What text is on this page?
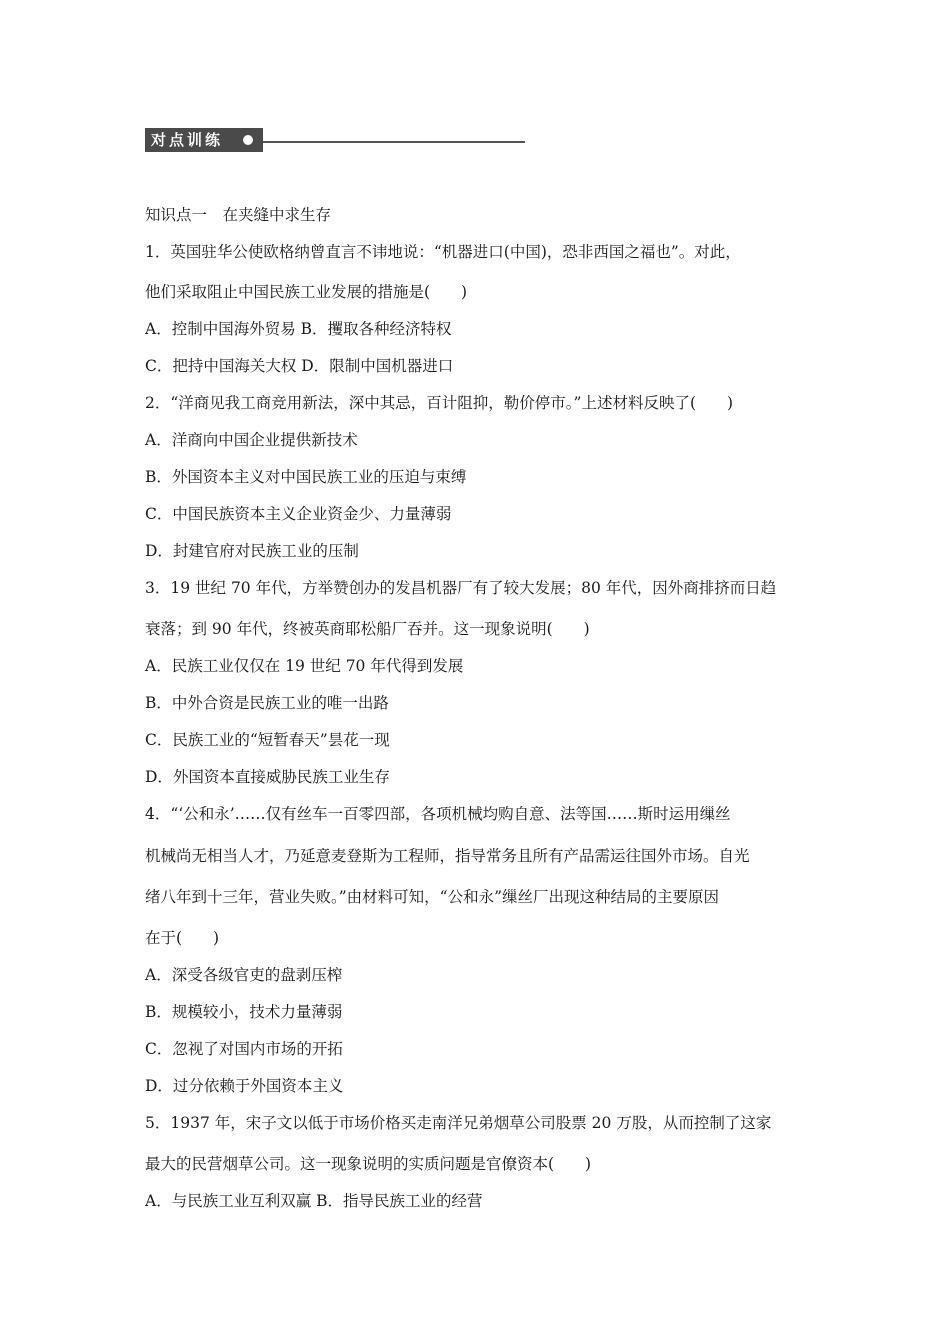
对点训练
知识点一　在夹缝中求生存
1．英国驻华公使欧格纳曾直言不讳地说：“机器进口(中国)，恐非西国之福也”。对此，
他们采取阻止中国民族工业发展的措施是(　　)
A．控制中国海外贸易 B．攫取各种经济特权
C．把持中国海关大权 D．限制中国机器进口
2．“洋商见我工商竞用新法，深中其忌，百计阻抑，勒价停市。”上述材料反映了(　　)
A．洋商向中国企业提供新技术
B．外国资本主义对中国民族工业的压迫与束缚
C．中国民族资本主义企业资金少、力量薄弱
D．封建官府对民族工业的压制
3．19 世纪 70 年代，方举赞创办的发昌机器厂有了较大发展；80 年代，因外商排挤而日趋
衰落；到 90 年代，终被英商耶松船厂吞并。这一现象说明(　　)
A．民族工业仅仅在 19 世纪 70 年代得到发展
B．中外合资是民族工业的唯一出路
C．民族工业的“短暂春天”昙花一现
D．外国资本直接威胁民族工业生存
4．“‘公和永’……仅有丝车一百零四部，各项机械均购自意、法等国……斯时运用缫丝
机械尚无相当人才，乃延意麦登斯为工程师，指导常务且所有产品需运往国外市场。自光
绪八年到十三年，营业失败。”由材料可知，“公和永”缫丝厂出现这种结局的主要原因
在于(　　)
A．深受各级官吏的盘剥压榨
B．规模较小，技术力量薄弱
C．忽视了对国内市场的开拓
D．过分依赖于外国资本主义
5．1937 年，宋子文以低于市场价格买走南洋兄弟烟草公司股票 20 万股，从而控制了这家
最大的民营烟草公司。这一现象说明的实质问题是官僚资本(　　)
A．与民族工业互利双赢 B．指导民族工业的经营
